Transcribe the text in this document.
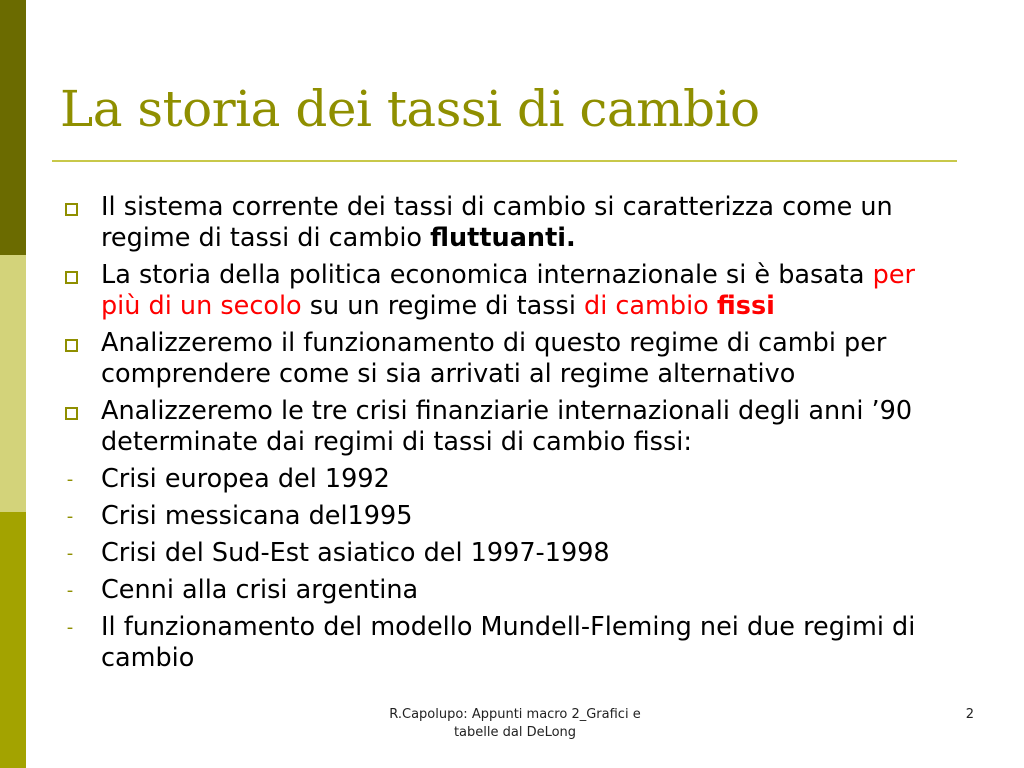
La storia dei tassi di cambio
Il sistema corrente dei tassi di cambio si caratterizza come un regime di tassi di cambio fluttuanti.
La storia della politica economica internazionale si è basata per più di un secolo su un regime di tassi di cambio fissi
Analizzeremo il funzionamento di questo regime di cambi per comprendere come si sia arrivati al regime alternativo
Analizzeremo le tre crisi finanziarie internazionali degli anni ’90 determinate dai regimi di tassi di cambio fissi:
- Crisi europea del 1992
- Crisi messicana del1995
- Crisi del Sud-Est asiatico del 1997-1998
- Cenni alla crisi argentina
- Il funzionamento del modello Mundell-Fleming nei due regimi di cambio
R.Capolupo: Appunti macro 2_Grafici e
tabelle dal DeLong
2
